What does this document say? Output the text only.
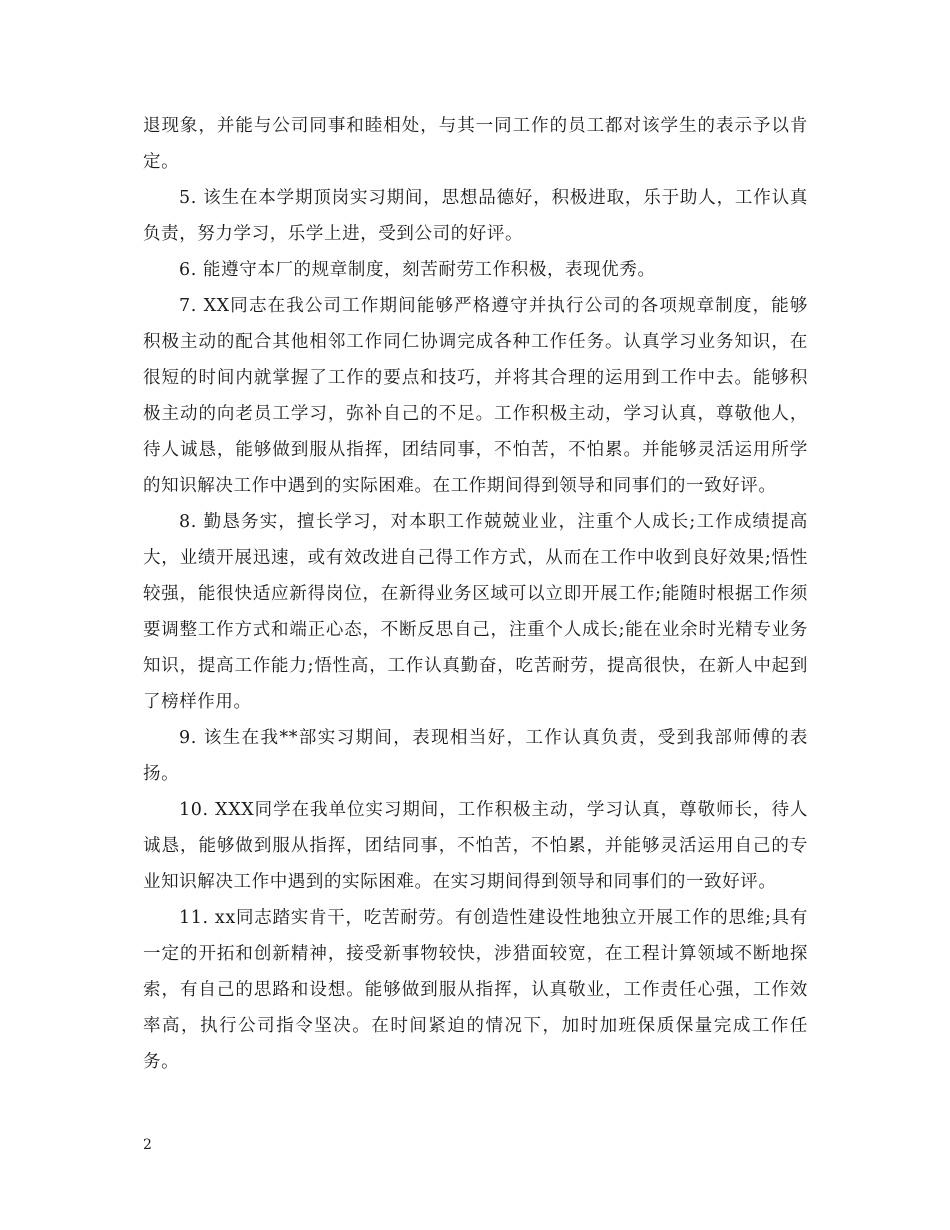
退现象，并能与公司同事和睦相处，与其一同工作的员工都对该学生的表示予以肯定。

5. 该生在本学期顶岗实习期间，思想品德好，积极进取，乐于助人，工作认真负责，努力学习，乐学上进，受到公司的好评。

6. 能遵守本厂的规章制度，刻苦耐劳工作积极，表现优秀。

7. XX同志在我公司工作期间能够严格遵守并执行公司的各项规章制度，能够积极主动的配合其他相邻工作同仁协调完成各种工作任务。认真学习业务知识，在很短的时间内就掌握了工作的要点和技巧，并将其合理的运用到工作中去。能够积极主动的向老员工学习，弥补自己的不足。工作积极主动，学习认真，尊敬他人，待人诚恳，能够做到服从指挥，团结同事，不怕苦，不怕累。并能够灵活运用所学的知识解决工作中遇到的实际困难。在工作期间得到领导和同事们的一致好评。

8. 勤恳务实，擅长学习，对本职工作兢兢业业，注重个人成长;工作成绩提高大，业绩开展迅速，或有效改进自己得工作方式，从而在工作中收到良好效果;悟性较强，能很快适应新得岗位，在新得业务区域可以立即开展工作;能随时根据工作须要调整工作方式和端正心态，不断反思自己，注重个人成长;能在业余时光精专业务知识，提高工作能力;悟性高，工作认真勤奋，吃苦耐劳，提高很快，在新人中起到了榜样作用。

9. 该生在我**部实习期间，表现相当好，工作认真负责，受到我部师傅的表扬。

10. XXX同学在我单位实习期间，工作积极主动，学习认真，尊敬师长，待人诚恳，能够做到服从指挥，团结同事，不怕苦，不怕累，并能够灵活运用自己的专业知识解决工作中遇到的实际困难。在实习期间得到领导和同事们的一致好评。

11. xx同志踏实肯干，吃苦耐劳。有创造性建设性地独立开展工作的思维;具有一定的开拓和创新精神，接受新事物较快，涉猎面较宽，在工程计算领域不断地探索，有自己的思路和设想。能够做到服从指挥，认真敬业，工作责任心强，工作效率高，执行公司指令坚决。在时间紧迫的情况下，加时加班保质保量完成工作任务。

2
